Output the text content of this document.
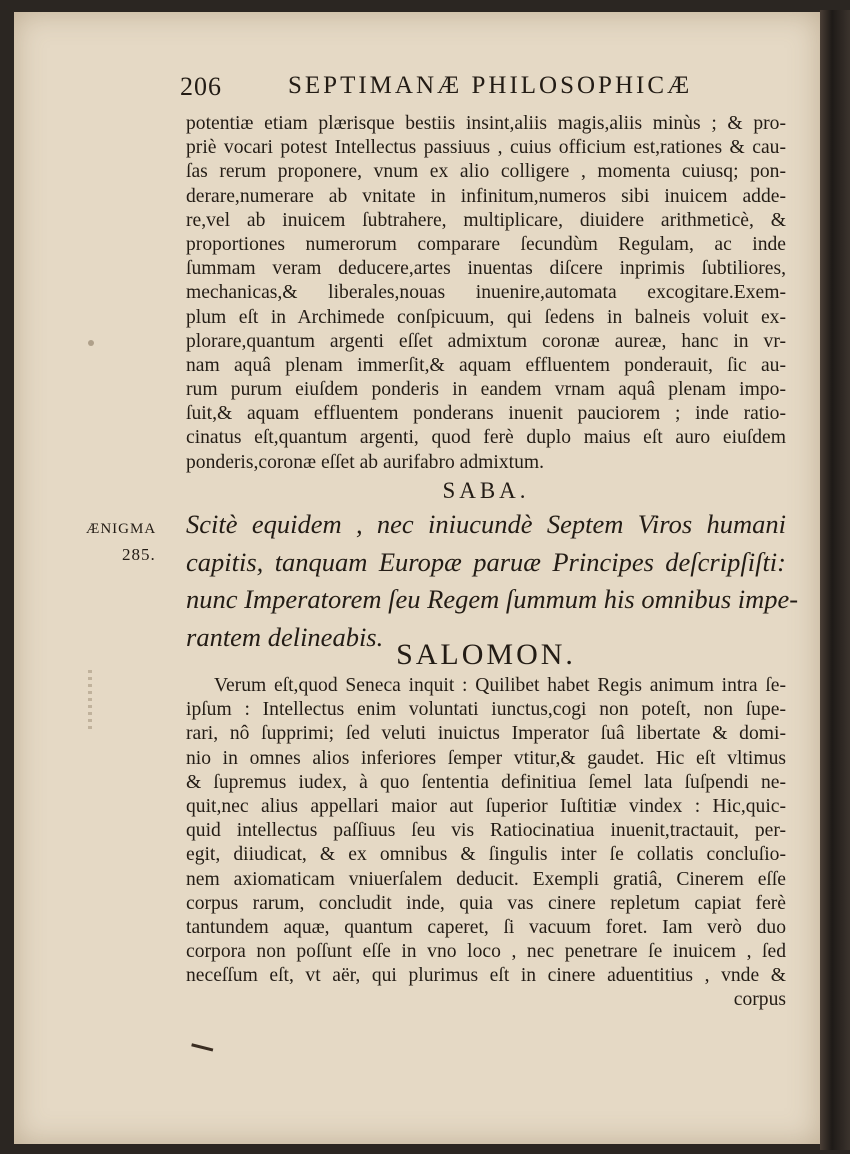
206	SEPTIMANÆ PHILOSOPHICÆ
potentiæ etiam plærisque bestiis insint,aliis magis,aliis minùs ; & pro-
priè vocari potest Intellectus passiuus , cuius officium est,rationes & cau-
ſas rerum proponere, vnum ex alio colligere , momenta cuiusq; pon-
derare,numerare ab vnitate in infinitum,numeros sibi inuicem adde-
re,vel ab inuicem ſubtrahere, multiplicare, diuidere arithmeticè, &
proportiones numerorum comparare ſecundùm Regulam, ac inde
ſummam veram deducere,artes inuentas diſcere inprimis ſubtiliores,
mechanicas,& liberales,nouas inuenire,automata excogitare.Exem-
plum eſt in Archimede conſpicuum, qui ſedens in balneis voluit ex-
plorare,quantum argenti eſſet admixtum coronæ aureæ, hanc in vr-
nam aquâ plenam immerſit,& aquam effluentem ponderauit, ſic au-
rum purum eiuſdem ponderis in eandem vrnam aquâ plenam impo-
ſuit,& aquam effluentem ponderans inuenit pauciorem ; inde ratio-
cinatus eſt,quantum argenti, quod ferè duplo maius eſt auro eiuſdem
ponderis,coronæ eſſet ab aurifabro admixtum.
SABA.
ÆNIGMA
285.
Scitè equidem , nec iniucundè Septem Viros humani
capitis, tanquam Europæ paruæ Principes deſcripſiſti:
nunc Imperatorem ſeu Regem ſummum his omnibus impe-
rantem delineabis.
SALOMON.
Verum eſt,quod Seneca inquit : Quilibet habet Regis animum intra ſe-
ipſum : Intellectus enim voluntati iunctus,cogi non poteſt, non ſupe-
rari, nô ſupprimi; ſed veluti inuictus Imperator ſuâ libertate & domi-
nio in omnes alios inferiores ſemper vtitur,& gaudet. Hic eſt vltimus
& ſupremus iudex, à quo ſententia definitiua ſemel lata ſuſpendi ne-
quit,nec alius appellari maior aut ſuperior Iuſtitiæ vindex : Hic,quic-
quid intellectus paſſiuus ſeu vis Ratiocinatiua inuenit,tractauit, per-
egit, diiudicat, & ex omnibus & ſingulis inter ſe collatis concluſio-
nem axiomaticam vniuerſalem deducit. Exempli gratiâ, Cinerem eſſe
corpus rarum, concludit inde, quia vas cinere repletum capiat ferè
tantundem aquæ, quantum caperet, ſi vacuum foret. Iam verò duo
corpora non poſſunt eſſe in vno loco , nec penetrare ſe inuicem , ſed
neceſſum eſt, vt aër, qui plurimus eſt in cinere aduentitius , vnde &
corpus
